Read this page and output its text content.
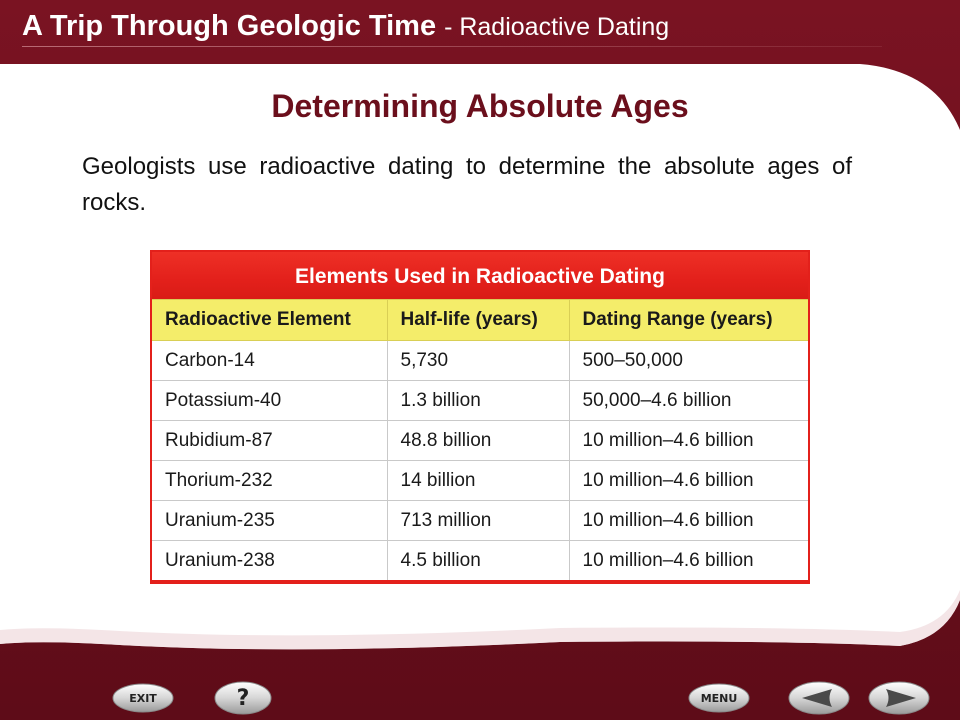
A Trip Through Geologic Time - Radioactive Dating
Determining Absolute Ages
Geologists use radioactive dating to determine the absolute ages of rocks.
Elements Used in Radioactive Dating
Radioactive Element	Half-life (years)	Dating Range (years)
Carbon-14	5,730	500–50,000
Potassium-40	1.3 billion	50,000–4.6 billion
Rubidium-87	48.8 billion	10 million–4.6 billion
Thorium-232	14 billion	10 million–4.6 billion
Uranium-235	713 million	10 million–4.6 billion
Uranium-238	4.5 billion	10 million–4.6 billion
EXIT	?	MENU
